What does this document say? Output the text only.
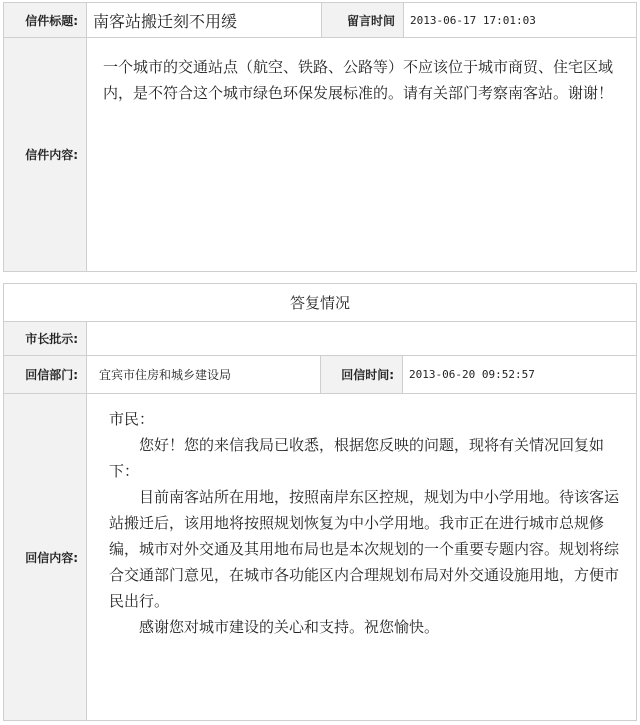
信件标题:	南客站搬迁刻不用缓	留言时间	2013-06-17 17:01:03
信件内容:	一个城市的交通站点（航空、铁路、公路等）不应该位于城市商贸、住宅区域内，是不符合这个城市绿色环保发展标准的。请有关部门考察南客站。谢谢！		
答复情况			
市长批示:			
回信部门:	宜宾市住房和城乡建设局	回信时间:	2013-06-20 09:52:57
回信内容:	市民：

您好！您的来信我局已收悉，根据您反映的问题，现将有关情况回复如下：

目前南客站所在用地，按照南岸东区控规，规划为中小学用地。待该客运站搬迁后，该用地将按照规划恢复为中小学用地。我市正在进行城市总规修编，城市对外交通及其用地布局也是本次规划的一个重要专题内容。规划将综合交通部门意见，在城市各功能区内合理规划布局对外交通设施用地，方便市民出行。

感谢您对城市建设的关心和支持。祝您愉快。		
